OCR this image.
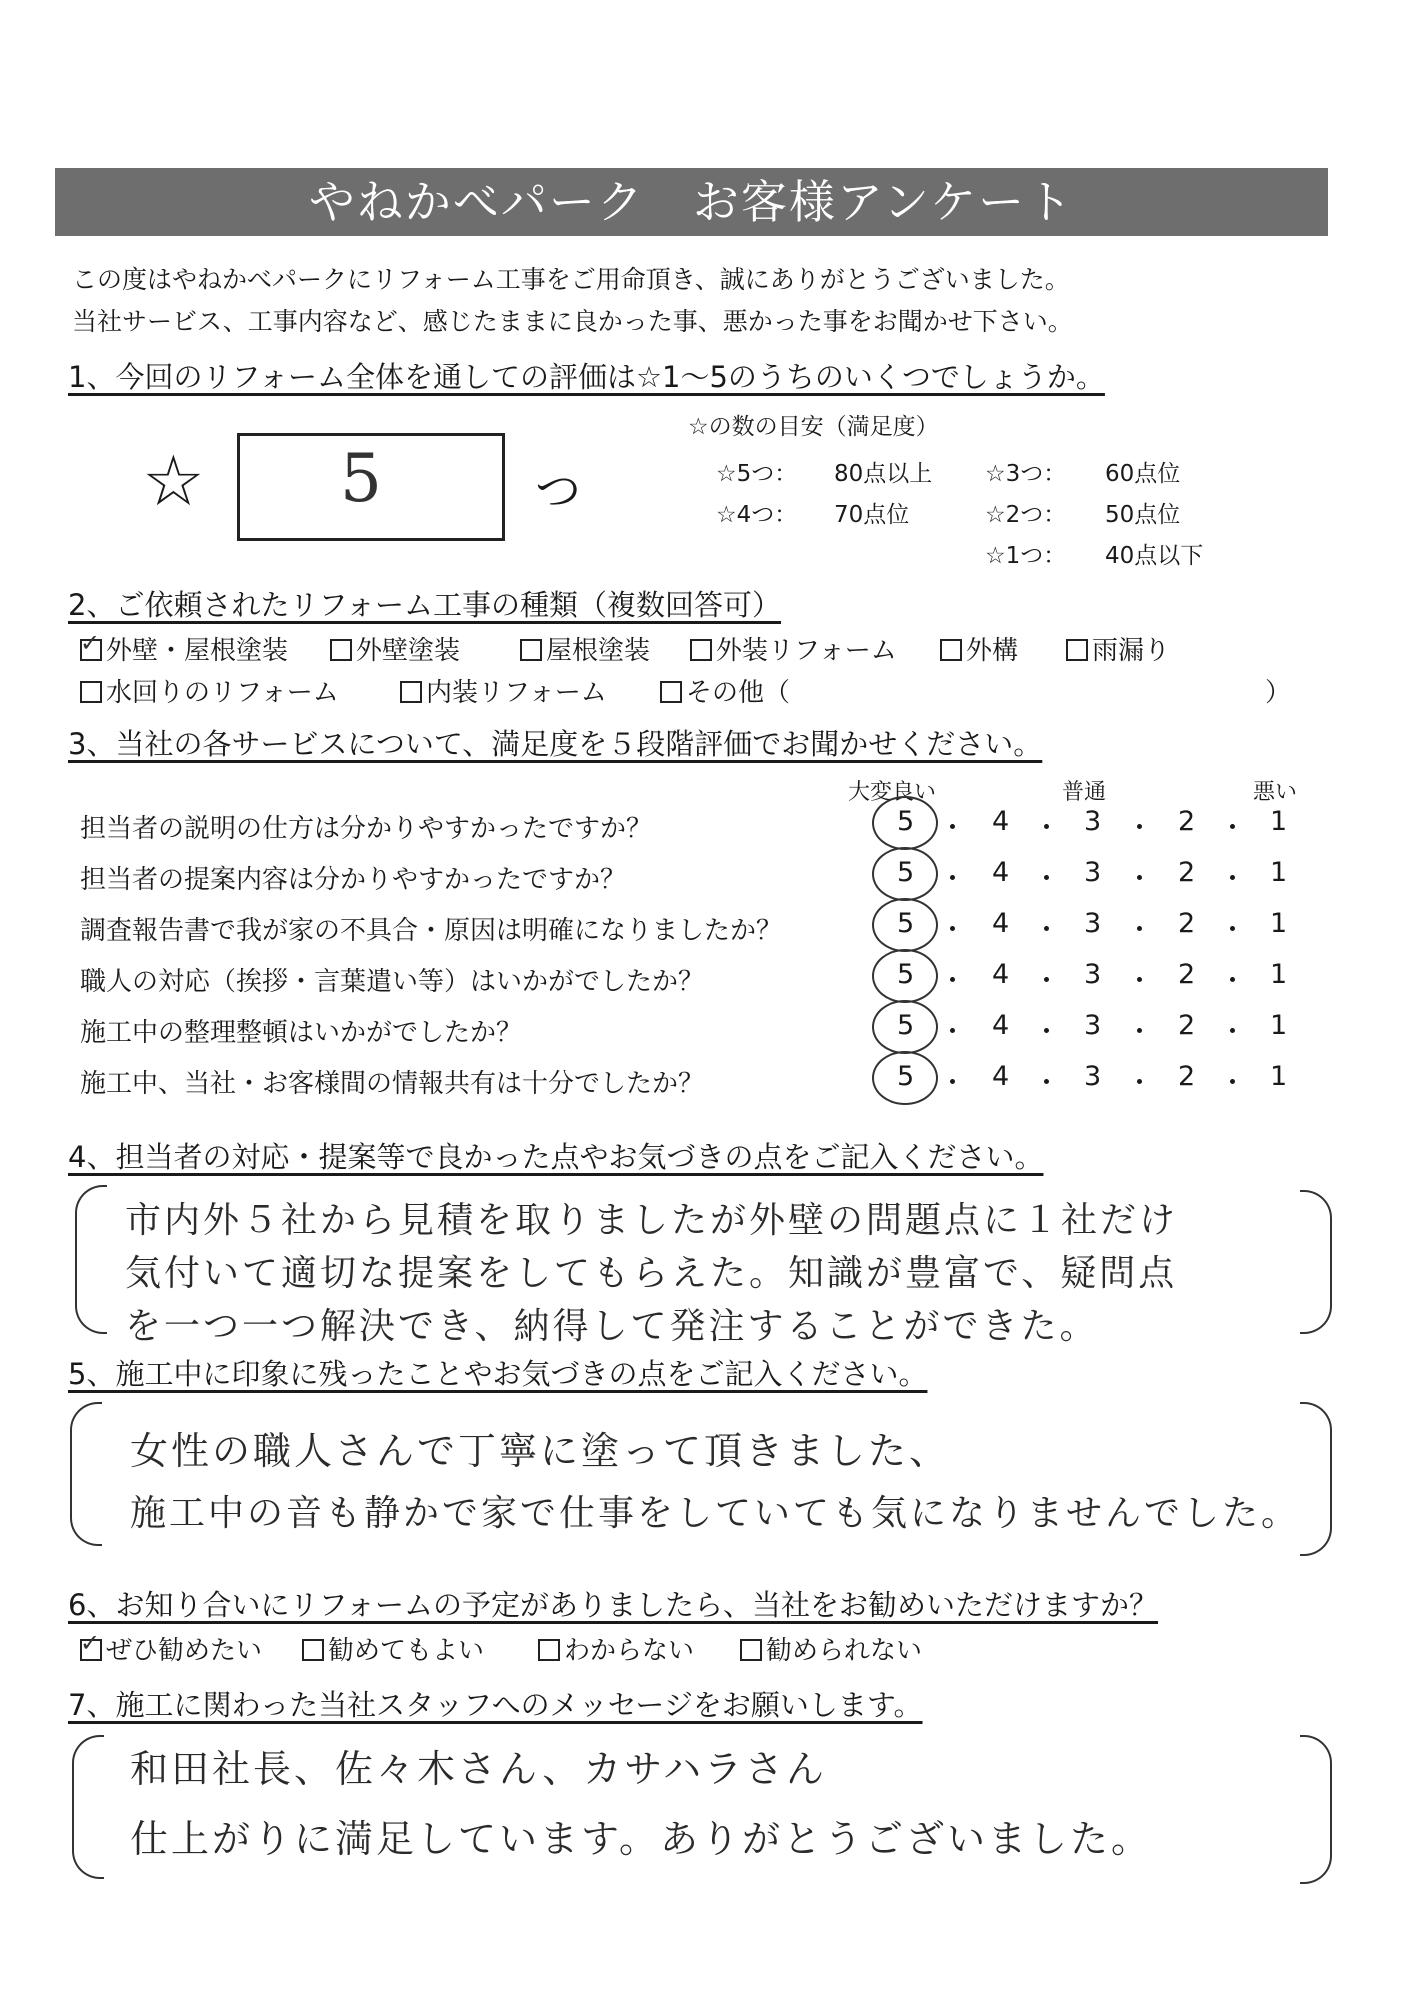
やねかべパーク　お客様アンケート
この度はやねかべパークにリフォーム工事をご用命頂き、誠にありがとうございました。
当社サービス、工事内容など、感じたままに良かった事、悪かった事をお聞かせ下さい。
1、今回のリフォーム全体を通しての評価は☆1～5のうちのいくつでしょうか。
☆ 5	つ
☆の数の目安（満足度）
☆5つ： 80点以上 ☆3つ： 60点位
☆4つ： 70点位	☆2つ： 50点位
☆1つ： 40点以下
2、ご依頼されたリフォーム工事の種類（複数回答可）
✓外壁・屋根塗装	外壁塗装	屋根塗装	外装リフォーム	外構	雨漏り
水回りのリフォーム	内装リフォーム	その他（	）
3、当社の各サービスについて、満足度を５段階評価でお聞かせください。
大変良い	普通	悪い
担当者の説明の仕方は分かりやすかったですか？	5	4	3	2	1
・ ・ ・ ・
担当者の提案内容は分かりやすかったですか？	5	4	3	2	1
・ ・ ・ ・
調査報告書で我が家の不具合・原因は明確になりましたか？	5	4	3	2	1
・ ・ ・ ・
職人の対応（挨拶・言葉遣い等）はいかがでしたか？	5	4	3	2	1
・ ・ ・ ・
施工中の整理整頓はいかがでしたか？	5	4	3	2	1
・ ・ ・ ・
施工中、当社・お客様間の情報共有は十分でしたか？	5	4	3	2	1
・ ・ ・ ・
4、担当者の対応・提案等で良かった点やお気づきの点をご記入ください。
市内外５社から見積を取りましたが外壁の問題点に１社だけ
気付いて適切な提案をしてもらえた。知識が豊富で、疑問点
を一つ一つ解決でき、納得して発注することができた。
5、施工中に印象に残ったことやお気づきの点をご記入ください。
女性の職人さんで丁寧に塗って頂きました、
施工中の音も静かで家で仕事をしていても気になりませんでした。
6、お知り合いにリフォームの予定がありましたら、当社をお勧めいただけますか？
✓ぜひ勧めたい	勧めてもよい	わからない	勧められない
7、施工に関わった当社スタッフへのメッセージをお願いします。
和田社長、佐々木さん、カサハラさん
仕上がりに満足しています。ありがとうございました。
